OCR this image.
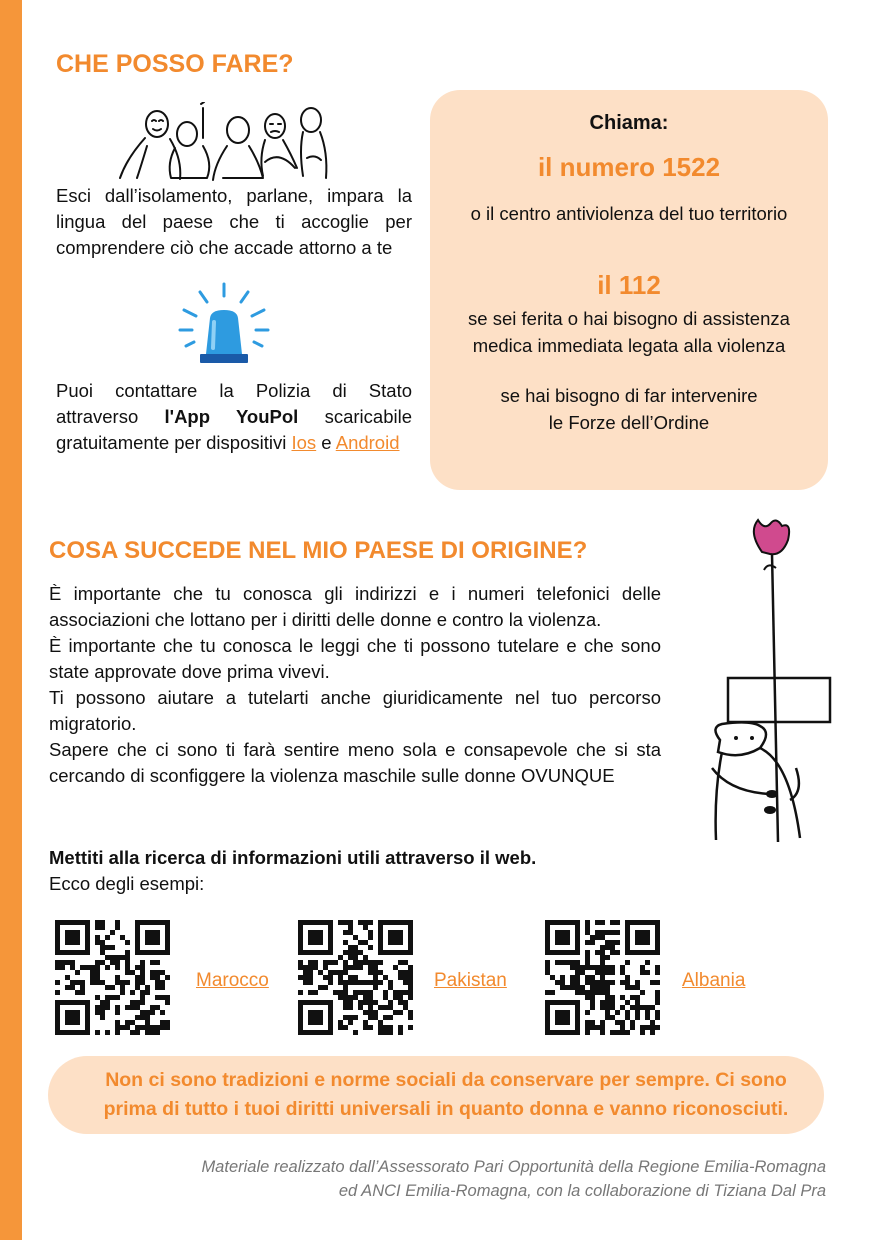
CHE POSSO FARE?
Esci dall’isolamento, parlane, impara la lingua del paese che ti accoglie per comprendere ciò che accade attorno a te
Puoi contattare la Polizia di Stato attraverso l'App YouPol scaricabile gratuitamente per dispositivi Ios e Android

Chiama:

il numero 1522

o il centro antiviolenza del tuo territorio

il 112

se sei ferita o hai bisogno di assistenza

medica immediata legata alla violenza

se hai bisogno di far intervenire

le Forze dell’Ordine

COSA SUCCEDE NEL MIO PAESE DI ORIGINE?

È importante che tu conosca gli indirizzi e i numeri telefonici delle associazioni che lottano per i diritti delle donne e contro la violenza.

È importante che tu conosca le leggi che ti possono tutelare e che sono state approvate dove prima vivevi.

Ti possono aiutare a tutelarti anche giuridicamente nel tuo percorso migratorio.

Sapere che ci sono ti farà sentire meno sola e consapevole che si sta cercando di sconfiggere la violenza maschile sulle donne OVUNQUE

Mettiti alla ricerca di informazioni utili attraverso il web.

Ecco degli esempi:

Marocco	Pakistan	Albania

Non ci sono tradizioni e norme sociali da conservare per sempre. Ci sono prima di tutto i tuoi diritti universali in quanto donna e vanno riconosciuti.

Materiale realizzato dall’Assessorato Pari Opportunità della Regione Emilia-Romagna
ed ANCI Emilia-Romagna, con la collaborazione di Tiziana Dal Pra
